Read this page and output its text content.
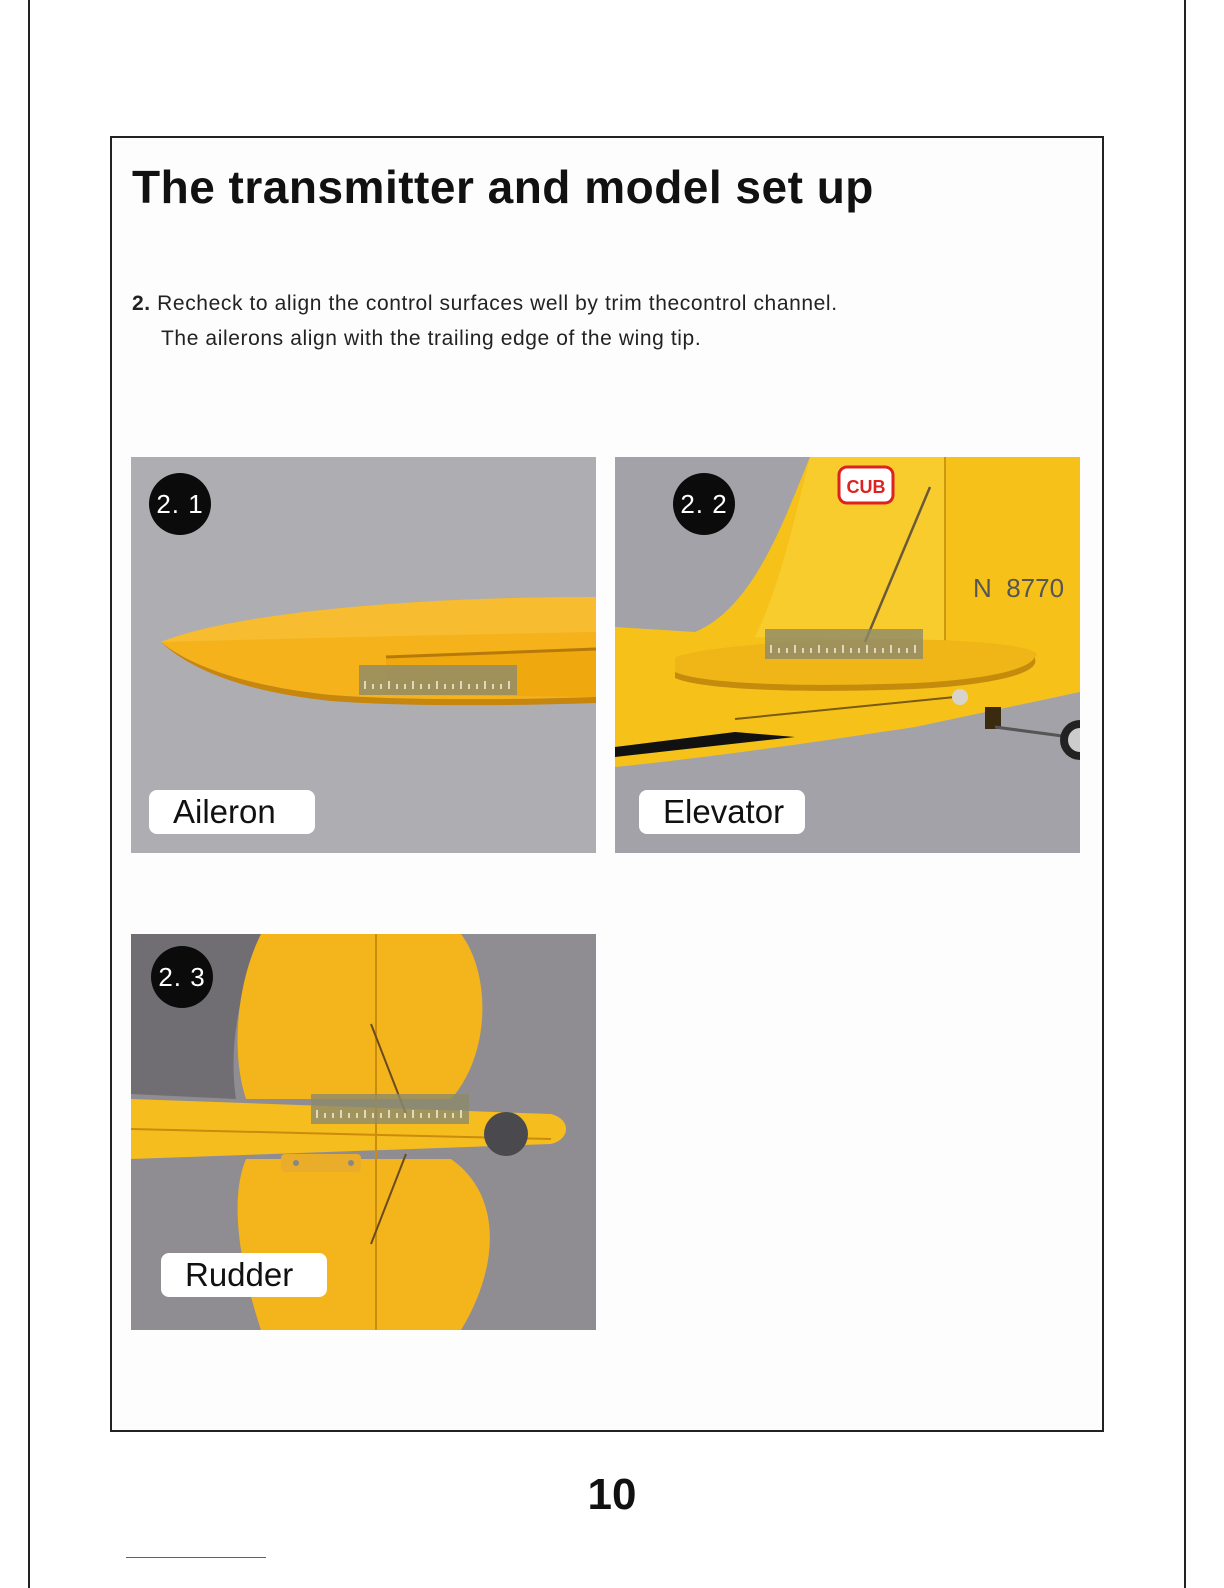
The transmitter and model set up
2. Recheck to align the control surfaces well by trim thecontrol channel.
The ailerons align with the trailing edge of the wing tip.
2. 1
Aileron
CUB
N  8770
2. 2
Elevator
2. 3
Rudder
10
